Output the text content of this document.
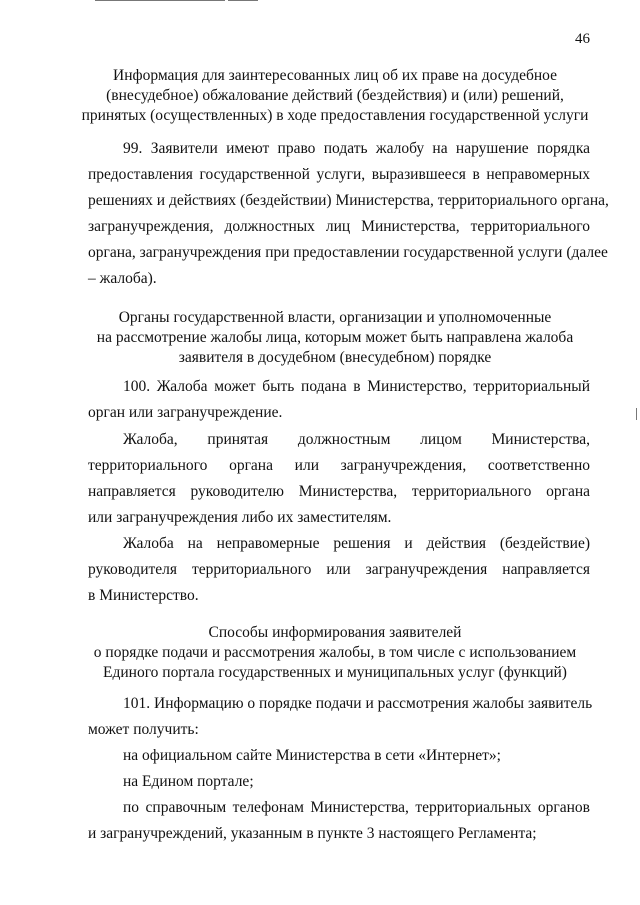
46
Информация для заинтересованных лиц об их праве на досудебное
(внесудебное) обжалование действий (бездействия) и (или) решений,
принятых (осуществленных) в ходе предоставления государственной услуги
99. Заявители имеют право подать жалобу на нарушение порядка
предоставления государственной услуги, выразившееся в неправомерных
решениях и действиях (бездействии) Министерства, территориального органа,
загранучреждения, должностных лиц Министерства, территориального
органа, загранучреждения при предоставлении государственной услуги (далее
– жалоба).
Органы государственной власти, организации и уполномоченные
на рассмотрение жалобы лица, которым может быть направлена жалоба
заявителя в досудебном (внесудебном) порядке
100. Жалоба может быть подана в Министерство, территориальный
орган или загранучреждение.
Жалоба, принятая должностным лицом Министерства,
территориального органа или загранучреждения, соответственно
направляется руководителю Министерства, территориального органа
или загранучреждения либо их заместителям.
Жалоба на неправомерные решения и действия (бездействие)
руководителя территориального или загранучреждения направляется
в Министерство.
Способы информирования заявителей
о порядке подачи и рассмотрения жалобы, в том числе с использованием
Единого портала государственных и муниципальных услуг (функций)
101. Информацию о порядке подачи и рассмотрения жалобы заявитель
может получить:
на официальном сайте Министерства в сети «Интернет»;
на Едином портале;
по справочным телефонам Министерства, территориальных органов
и загранучреждений, указанным в пункте 3 настоящего Регламента;
